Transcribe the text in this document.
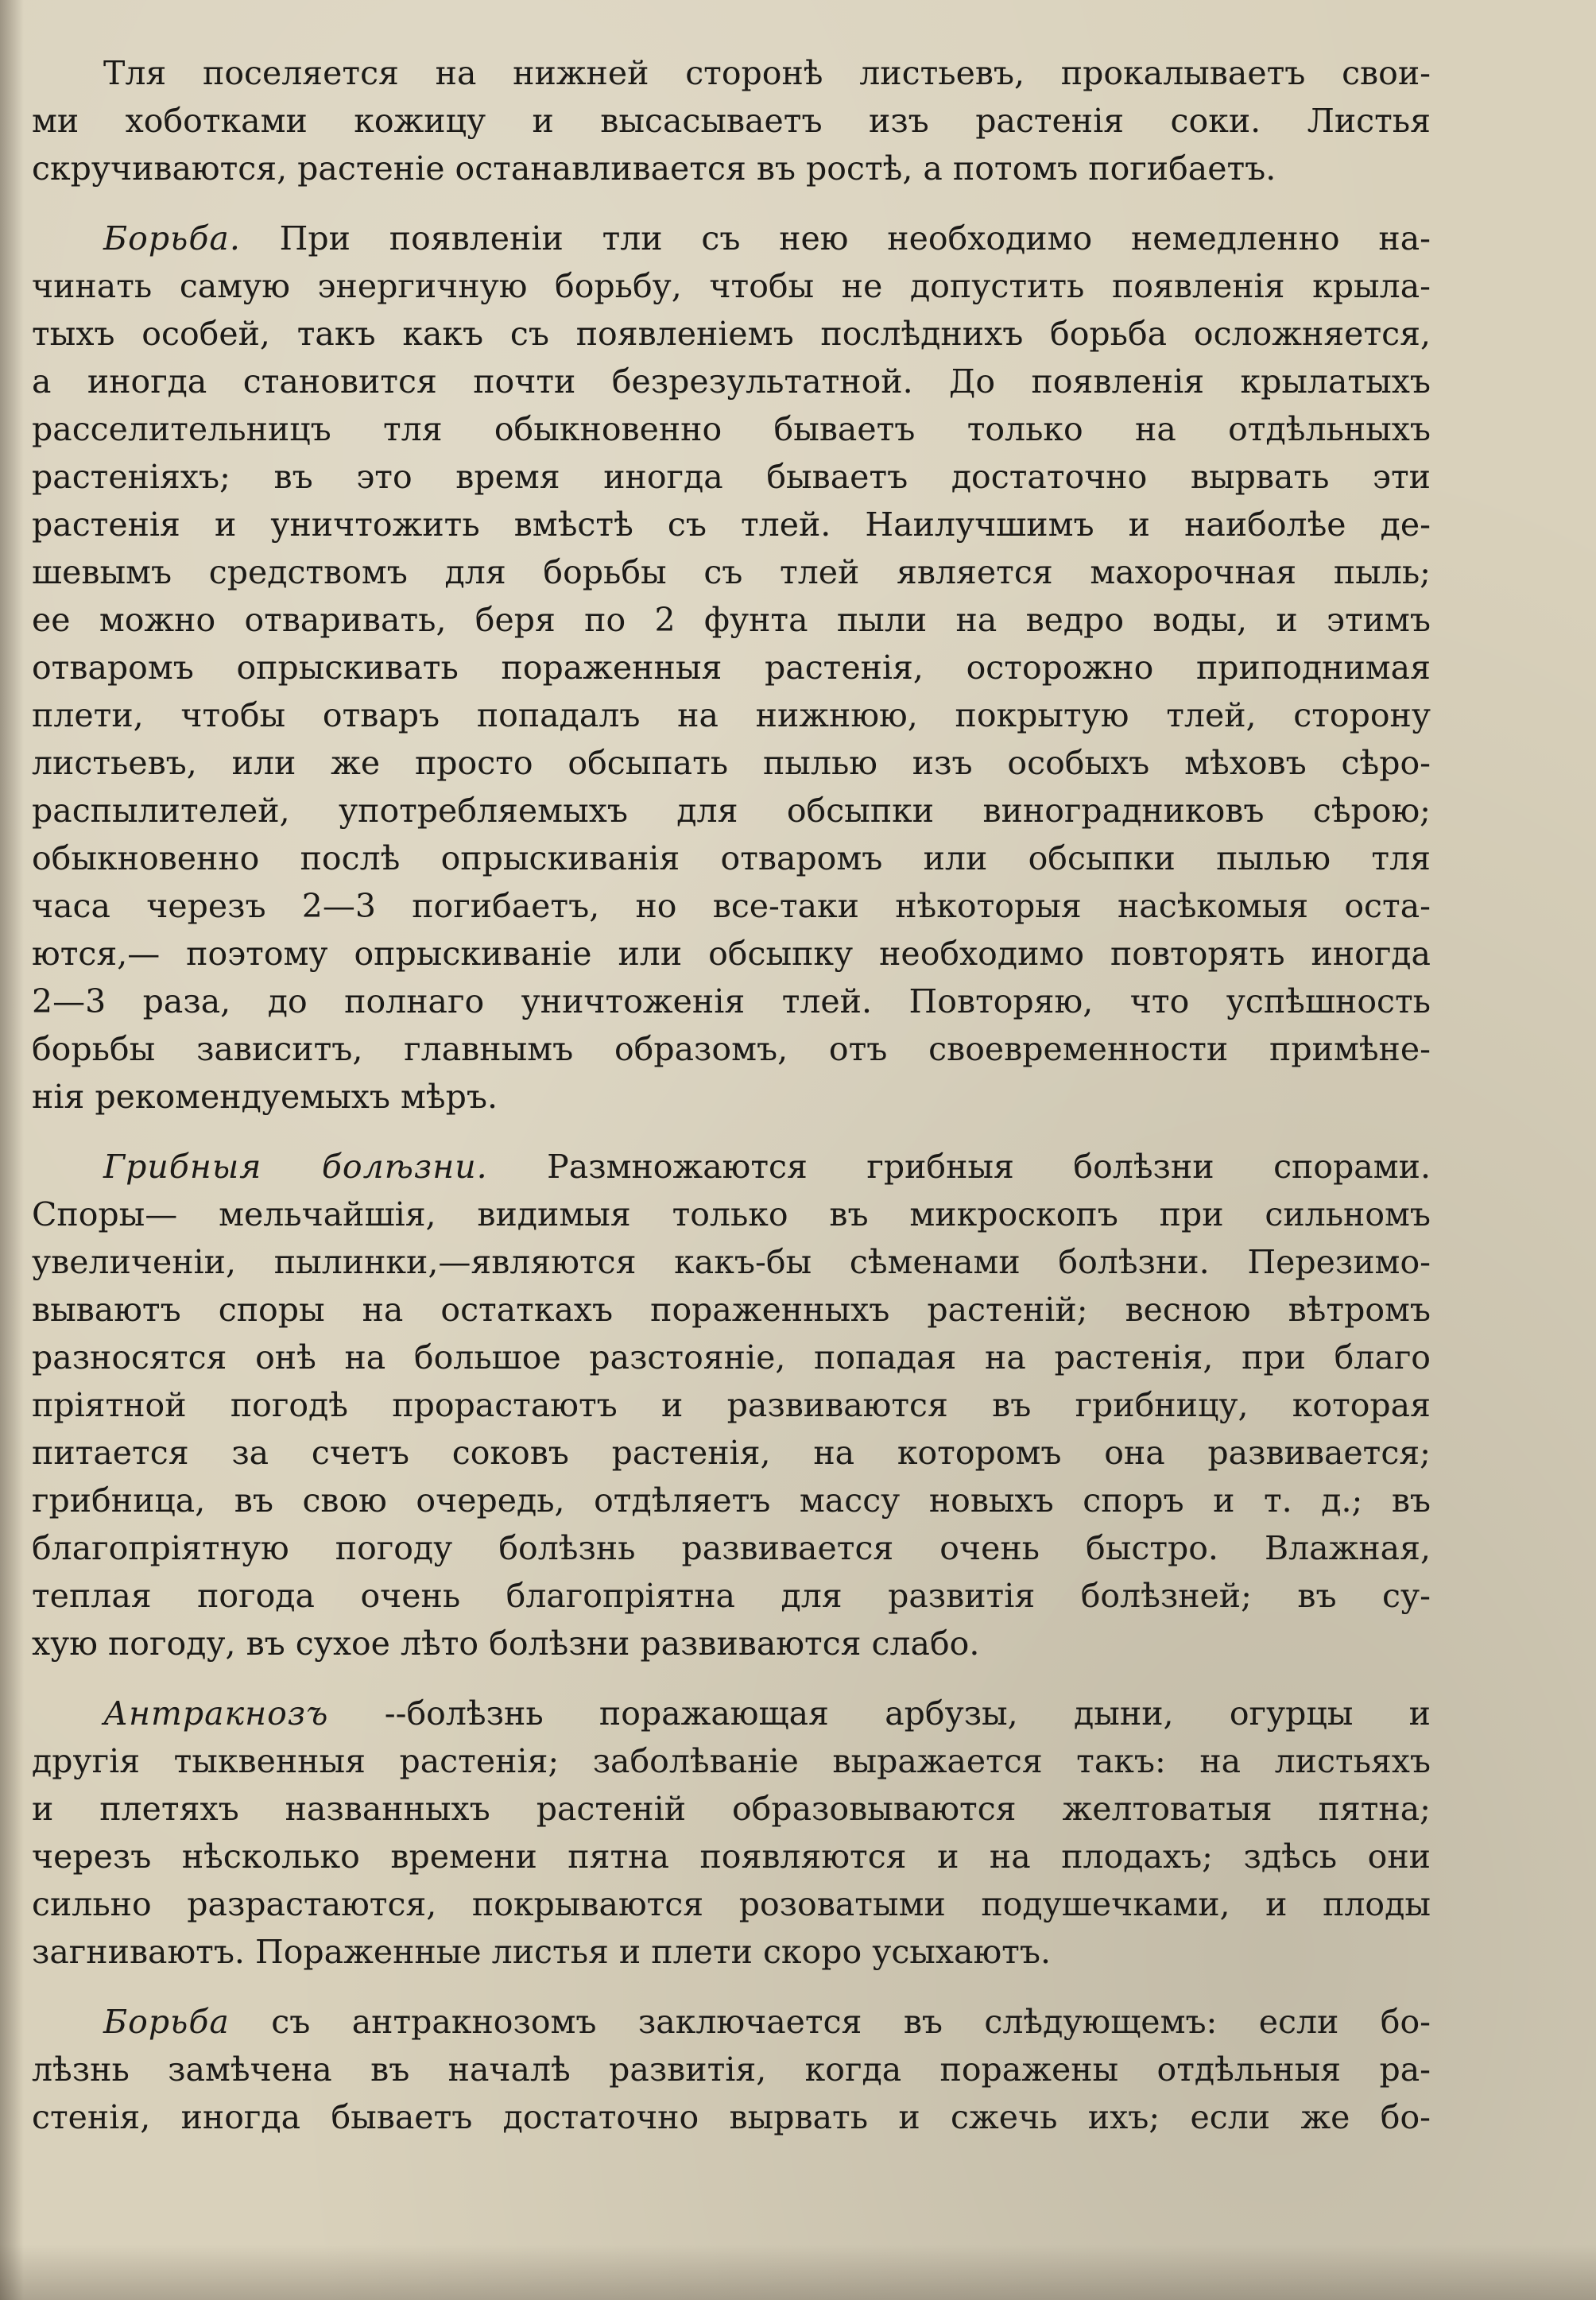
Тля поселяется на нижней сторонѣ листьевъ, прокалываетъ свои-
ми хоботками кожицу и высасываетъ изъ растенія соки. Листья
скручиваются, растеніе останавливается въ ростѣ, а потомъ погибаетъ.
Борьба. При появленіи тли съ нею необходимо немедленно на-
чинать самую энергичную борьбу, чтобы не допустить появленія крыла-
тыхъ особей, такъ какъ съ появленіемъ послѣднихъ борьба осложняется,
а иногда становится почти безрезультатной. До появленія крылатыхъ
расселительницъ тля обыкновенно бываетъ только на отдѣльныхъ
растеніяхъ; въ это время иногда бываетъ достаточно вырвать эти
растенія и уничтожить вмѣстѣ съ тлей. Наилучшимъ и наиболѣе де-
шевымъ средствомъ для борьбы съ тлей является махорочная пыль;
ее можно отваривать, беря по 2 фунта пыли на ведро воды, и этимъ
отваромъ опрыскивать пораженныя растенія, осторожно приподнимая
плети, чтобы отваръ попадалъ на нижнюю, покрытую тлей, сторону
листьевъ, или же просто обсыпать пылью изъ особыхъ мѣховъ сѣро-
распылителей, употребляемыхъ для обсыпки виноградниковъ сѣрою;
обыкновенно послѣ опрыскиванія отваромъ или обсыпки пылью тля
часа черезъ 2—3 погибаетъ, но все-таки нѣкоторыя насѣкомыя оста-
ются,— поэтому опрыскиваніе или обсыпку необходимо повторять иногда
2—3 раза, до полнаго уничтоженія тлей. Повторяю, что успѣшность
борьбы зависитъ, главнымъ образомъ, отъ своевременности примѣне-
нія рекомендуемыхъ мѣръ.
Грибныя болѣзни. Размножаются грибныя болѣзни спорами.
Споры— мельчайшія, видимыя только въ микроскопъ при сильномъ
увеличеніи, пылинки,—являются какъ-бы сѣменами болѣзни. Перезимо-
вываютъ споры на остаткахъ пораженныхъ растеній; весною вѣтромъ
разносятся онѣ на большое разстояніе, попадая на растенія, при благо
пріятной погодѣ прорастаютъ и развиваются въ грибницу, которая
питается за счетъ соковъ растенія, на которомъ она развивается;
грибница, въ свою очередь, отдѣляетъ массу новыхъ споръ и т. д.; въ
благопріятную погоду болѣзнь развивается очень быстро. Влажная,
теплая погода очень благопріятна для развитія болѣзней; въ су-
хую погоду, въ сухое лѣто болѣзни развиваются слабо.
Антракнозъ --болѣзнь поражающая арбузы, дыни, огурцы и
другія тыквенныя растенія; заболѣваніе выражается такъ: на листьяхъ
и плетяхъ названныхъ растеній образовываются желтоватыя пятна;
черезъ нѣсколько времени пятна появляются и на плодахъ; здѣсь они
сильно разрастаются, покрываются розоватыми подушечками, и плоды
загниваютъ. Пораженные листья и плети скоро усыхаютъ.
Борьба съ антракнозомъ заключается въ слѣдующемъ: если бо-
лѣзнь замѣчена въ началѣ развитія, когда поражены отдѣльныя ра-
стенія, иногда бываетъ достаточно вырвать и сжечь ихъ; если же бо-
